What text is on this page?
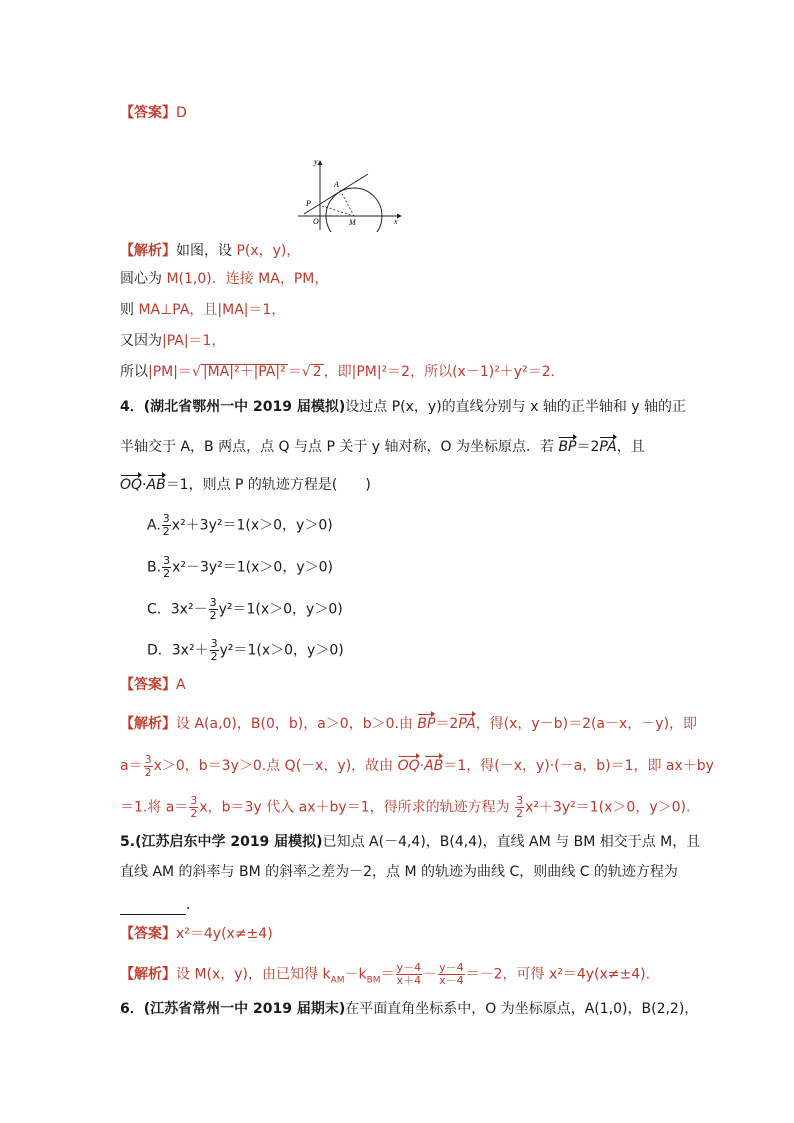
【答案】D
y
x
A
P
O	M
【解析】如图，设 P(x，y)，
圆心为 M(1,0)．连接 MA，PM，
则 MA⊥PA，且|MA|＝1，
又因为|PA|＝1，
所以|PM|＝√ |MA|²＋|PA|² ＝√ 2 ，即|PM|²＝2，所以(x－1)²＋y²＝2.
4．(湖北省鄂州一中 2019 届模拟)设过点 P(x，y)的直线分别与 x 轴的正半轴和 y 轴的正
半轴交于 A，B 两点，点 Q 与点 P 关于 y 轴对称，O 为坐标原点．若 BP＝2PA，且
OQ·AB＝1，则点 P 的轨迹方程是(　　)
A. $\frac{3}{2} x^2+3y^2=1(x>0$，y＞0)
B. $\frac{3}{2} x^2-3y^2=1(x>0$，y＞0)
C．$3x^2- \frac{3}{2} y^2=1(x>0$，y＞0)
D．$3x^2+ \frac{3}{2} y^2=1(x>0$，y＞0)
【答案】A
【解析】设 A(a,0)，B(0，b)，a＞0，b＞0.由 BP＝2PA，得(x，y－b)＝2(a－x，－y)，即
$a= \frac{3}{2} x>0$，b＝3y＞0.点 Q(－x，y)，故由 OQ·AB＝1，得(－x，y)·(－a，b)＝1，即 ax＋by
＝1.将 $a= \frac{3}{2}$ x，b＝3y 代入 ax＋by＝1，得所求的轨迹方程为 $\frac{3}{2} x^2+3y^2=1(x>0$，y＞0).
5.(江苏启东中学 2019 届模拟)已知点 A(－4,4)，B(4,4)，直线 AM 与 BM 相交于点 M，且
直线 AM 的斜率与 BM 的斜率之差为－2，点 M 的轨迹为曲线 C，则曲线 C 的轨迹方程为
．
【答案】x²＝4y(x≠±4)
【解析】设 M(x，y)，由已知得 $k_{AM}-k_{BM}= \frac{y-4}{x+4} - \frac{y-4}{x-4} =-2$，可得 x²＝4y(x≠±4).
6．(江苏省常州一中 2019 届期末)在平面直角坐标系中，O 为坐标原点，A(1,0)，B(2,2)，
